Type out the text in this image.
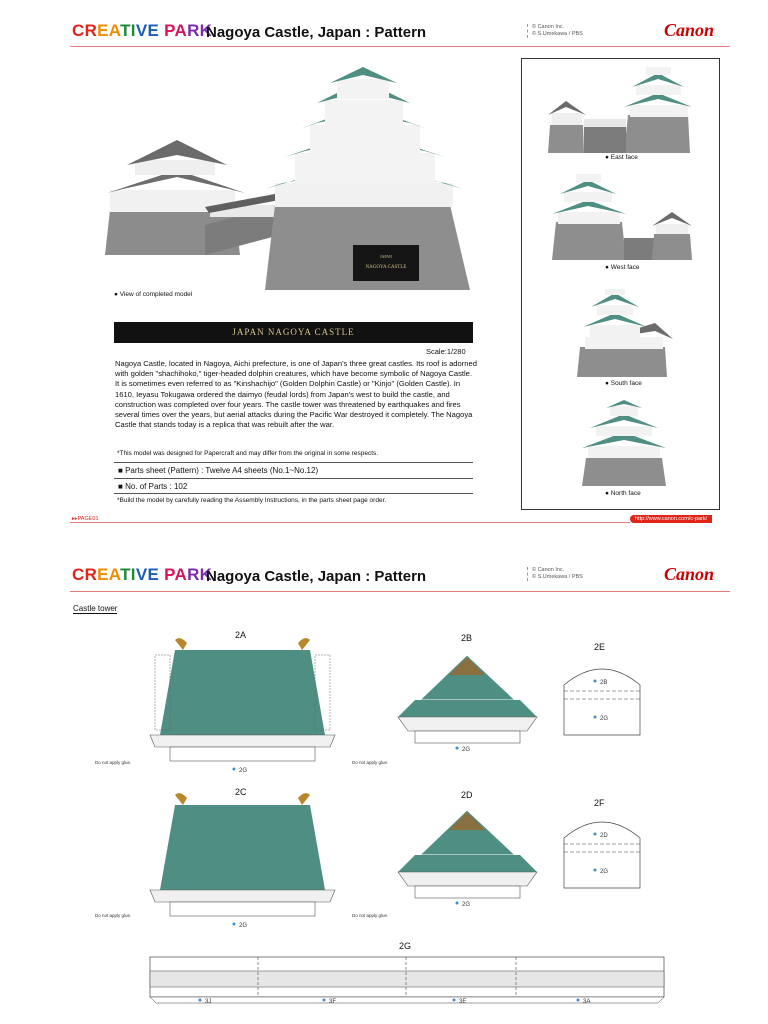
CREATIVE PARK
Nagoya Castle, Japan : Pattern	© Canon Inc.
© S.Umekawa / PBS	Canon
JAPAN
NAGOYA CASTLE
● View of completed model
JAPAN NAGOYA CASTLE
Scale:1/280
Nagoya Castle, located in Nagoya, Aichi prefecture, is one of Japan's three great castles. Its roof is adorned with golden "shachihoko," tiger-headed dolphin creatures, which have become symbolic of Nagoya Castle. It is sometimes even referred to as "Kinshachijo" (Golden Dolphin Castle) or "Kinjo" (Golden Castle). In 1610, Ieyasu Tokugawa ordered the daimyo (feudal lords) from Japan's west to build the castle, and construction was completed over four years. The castle tower was threatened by earthquakes and fires several times over the years, but aerial attacks during the Pacific War destroyed it completely. The Nagoya Castle that stands today is a replica that was rebuilt after the war.
*This model was designed for Papercraft and may differ from the original in some respects.
■ Parts sheet (Pattern) : Twelve A4 sheets (No.1~No.12)
■ No. of Parts : 102
*Build the model by carefully reading the Assembly Instructions, in the parts sheet page order.
● East face
● West face
● South face
● North face
▸▸PAGE01	http://www.canon.com/c-park/
CREATIVE PARK
Nagoya Castle, Japan : Pattern	© Canon Inc.
© S.Umekawa / PBS	Canon
Castle tower
2A
2G
Do not apply glue.	Do not apply glue.
2B
2G
2E
2B
2G
2C
2G
Do not apply glue.	Do not apply glue.
2D
2G
2F
2D
2G
2G
3J	3F	3E	3A
